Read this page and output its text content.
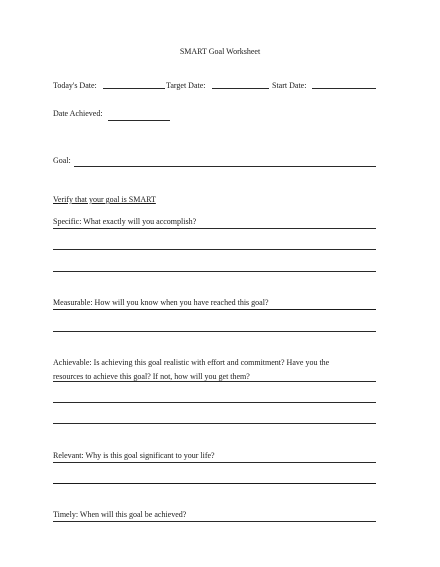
SMART Goal Worksheet
Today's Date:	Target Date:	Start Date:
Date Achieved:
Goal:
Verify that your goal is SMART
Specific: What exactly will you accomplish?
Measurable: How will you know when you have reached this goal?
Achievable: Is achieving this goal realistic with effort and commitment? Have you the
resources to achieve this goal? If not, how will you get them?
Relevant: Why is this goal significant to your life?
Timely: When will this goal be achieved?
